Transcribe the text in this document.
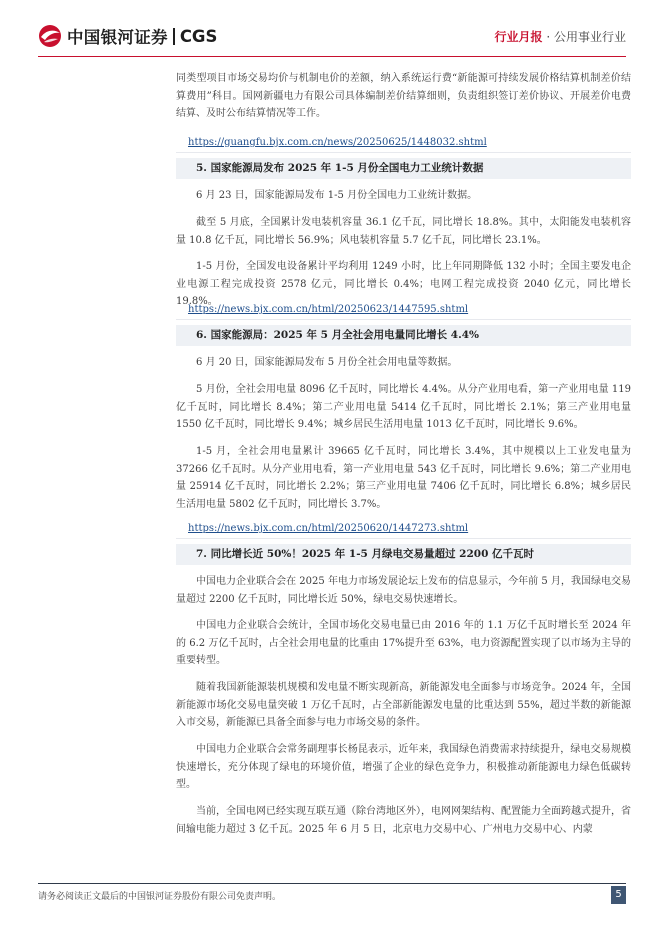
中国银河证券 CGS	行业月报 · 公用事业行业
同类型项目市场交易均价与机制电价的差额，纳入系统运行费“新能源可持续发展价格结算机制差价结算费用”科目。国网新疆电力有限公司具体编制差价结算细则，负责组织签订差价协议、开展差价电费结算、及时公布结算情况等工作。
https://guangfu.bjx.com.cn/news/20250625/1448032.shtml
5. 国家能源局发布 2025 年 1-5 月份全国电力工业统计数据
6 月 23 日，国家能源局发布 1-5 月份全国电力工业统计数据。
截至 5 月底，全国累计发电装机容量 36.1 亿千瓦，同比增长 18.8%。其中，太阳能发电装机容量 10.8 亿千瓦，同比增长 56.9%；风电装机容量 5.7 亿千瓦，同比增长 23.1%。
1-5 月份，全国发电设备累计平均利用 1249 小时，比上年同期降低 132 小时；全国主要发电企业电源工程完成投资 2578 亿元，同比增长 0.4%；电网工程完成投资 2040 亿元，同比增长 19.8%。
https://news.bjx.com.cn/html/20250623/1447595.shtml
6. 国家能源局：2025 年 5 月全社会用电量同比增长 4.4%
6 月 20 日，国家能源局发布 5 月份全社会用电量等数据。
5 月份，全社会用电量 8096 亿千瓦时，同比增长 4.4%。从分产业用电看，第一产业用电量 119 亿千瓦时，同比增长 8.4%；第二产业用电量 5414 亿千瓦时，同比增长 2.1%；第三产业用电量 1550 亿千瓦时，同比增长 9.4%；城乡居民生活用电量 1013 亿千瓦时，同比增长 9.6%。
1-5 月，全社会用电量累计 39665 亿千瓦时，同比增长 3.4%，其中规模以上工业发电量为 37266 亿千瓦时。从分产业用电看，第一产业用电量 543 亿千瓦时，同比增长 9.6%；第二产业用电量 25914 亿千瓦时，同比增长 2.2%；第三产业用电量 7406 亿千瓦时，同比增长 6.8%；城乡居民生活用电量 5802 亿千瓦时，同比增长 3.7%。
https://news.bjx.com.cn/html/20250620/1447273.shtml
7. 同比增长近 50%！2025 年 1-5 月绿电交易量超过 2200 亿千瓦时
中国电力企业联合会在 2025 年电力市场发展论坛上发布的信息显示，今年前 5 月，我国绿电交易量超过 2200 亿千瓦时，同比增长近 50%，绿电交易快速增长。
中国电力企业联合会统计，全国市场化交易电量已由 2016 年的 1.1 万亿千瓦时增长至 2024 年的 6.2 万亿千瓦时，占全社会用电量的比重由 17%提升至 63%，电力资源配置实现了以市场为主导的重要转型。
随着我国新能源装机规模和发电量不断实现新高，新能源发电全面参与市场竞争。2024 年，全国新能源市场化交易电量突破 1 万亿千瓦时，占全部新能源发电量的比重达到 55%，超过半数的新能源入市交易，新能源已具备全面参与电力市场交易的条件。
中国电力企业联合会常务副理事长杨昆表示，近年来，我国绿色消费需求持续提升，绿电交易规模快速增长，充分体现了绿电的环境价值，增强了企业的绿色竞争力，积极推动新能源电力绿色低碳转型。
当前，全国电网已经实现互联互通（除台湾地区外），电网网架结构、配置能力全面跨越式提升，省间输电能力超过 3 亿千瓦。2025 年 6 月 5 日，北京电力交易中心、广州电力交易中心、内蒙
请务必阅读正文最后的中国银河证券股份有限公司免责声明。	5
